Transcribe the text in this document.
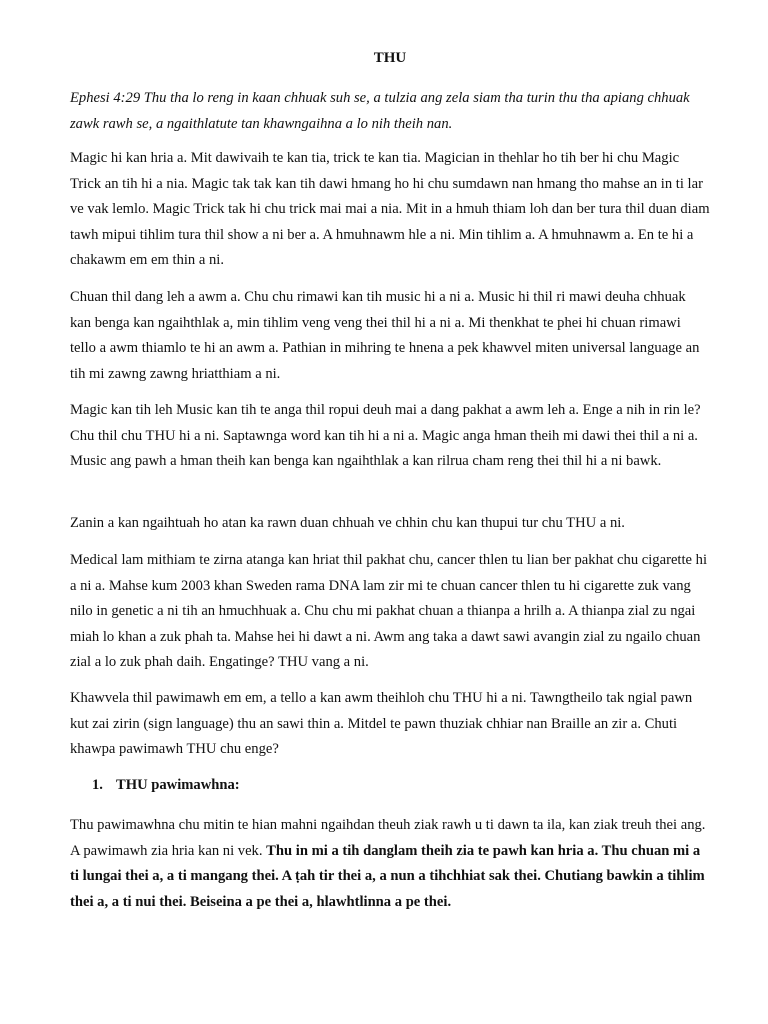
THU

Ephesi 4:29 Thu tha lo reng in kaan chhuak suh se, a tulzia ang zela siam tha turin thu tha apiang chhuak zawk rawh se, a ngaithlatute tan khawngaihna a lo nih theih nan.

Magic hi kan hria a. Mit dawivaih te kan tia, trick te kan tia. Magician in thehlar ho tih ber hi chu Magic Trick an tih hi a nia. Magic tak tak kan tih dawi hmang ho hi chu sumdawn nan hmang tho mahse an in ti lar ve vak lemlo. Magic Trick tak hi chu trick mai mai a nia. Mit in a hmuh thiam loh dan ber tura thil duan diam tawh mipui tihlim tura thil show a ni ber a. A hmuhnawm hle a ni. Min tihlim a. A hmuhnawm a. En te hi a chakawm em em thin a ni.

Chuan thil dang leh a awm a. Chu chu rimawi kan tih music hi a ni a. Music hi thil ri mawi deuha chhuak kan benga kan ngaihthlak a, min tihlim veng veng thei thil hi a ni a. Mi thenkhat te phei hi chuan rimawi tello a awm thiamlo te hi an awm a. Pathian in mihring te hnena a pek khawvel miten universal language an tih mi zawng zawng hriatthiam a ni.

Magic kan tih leh Music kan tih te anga thil ropui deuh mai a dang pakhat a awm leh a. Enge a nih in rin le? Chu thil chu THU hi a ni. Saptawnga word kan tih hi a ni a. Magic anga hman theih mi dawi thei thil a ni a. Music ang pawh a hman theih kan benga kan ngaihthlak a kan rilrua cham reng thei thil hi a ni bawk.

Zanin a kan ngaihtuah ho atan ka rawn duan chhuah ve chhin chu kan thupui tur chu THU a ni.

Medical lam mithiam te zirna atanga kan hriat thil pakhat chu, cancer thlen tu lian ber pakhat chu cigarette hi a ni a. Mahse kum 2003 khan Sweden rama DNA lam zir mi te chuan cancer thlen tu hi cigarette zuk vang nilo in genetic a ni tih an hmuchhuak a. Chu chu mi pakhat chuan a thianpa a hrilh a. A thianpa zial zu ngai miah lo khan a zuk phah ta. Mahse hei hi dawt a ni. Awm ang taka a dawt sawi avangin zial zu ngailo chuan zial a lo zuk phah daih. Engatinge? THU vang a ni.

Khawvela thil pawimawh em em, a tello a kan awm theihloh chu THU hi a ni. Tawngtheilo tak ngial pawn kut zai zirin (sign language) thu an sawi thin a. Mitdel te pawn thuziak chhiar nan Braille an zir a. Chuti khawpa pawimawh THU chu enge?

1. THU pawimawhna:

Thu pawimawhna chu mitin te hian mahni ngaihdan theuh ziak rawh u ti dawn ta ila, kan ziak treuh thei ang. A pawimawh zia hria kan ni vek. Thu in mi a tih danglam theih zia te pawh kan hria a. Thu chuan mi a ti lungai thei a, a ti mangang thei. A ṭah tir thei a, a nun a tihchhiat sak thei. Chutiang bawkin a tihlim thei a, a ti nui thei. Beiseina a pe thei a, hlawhtlinna a pe thei.
